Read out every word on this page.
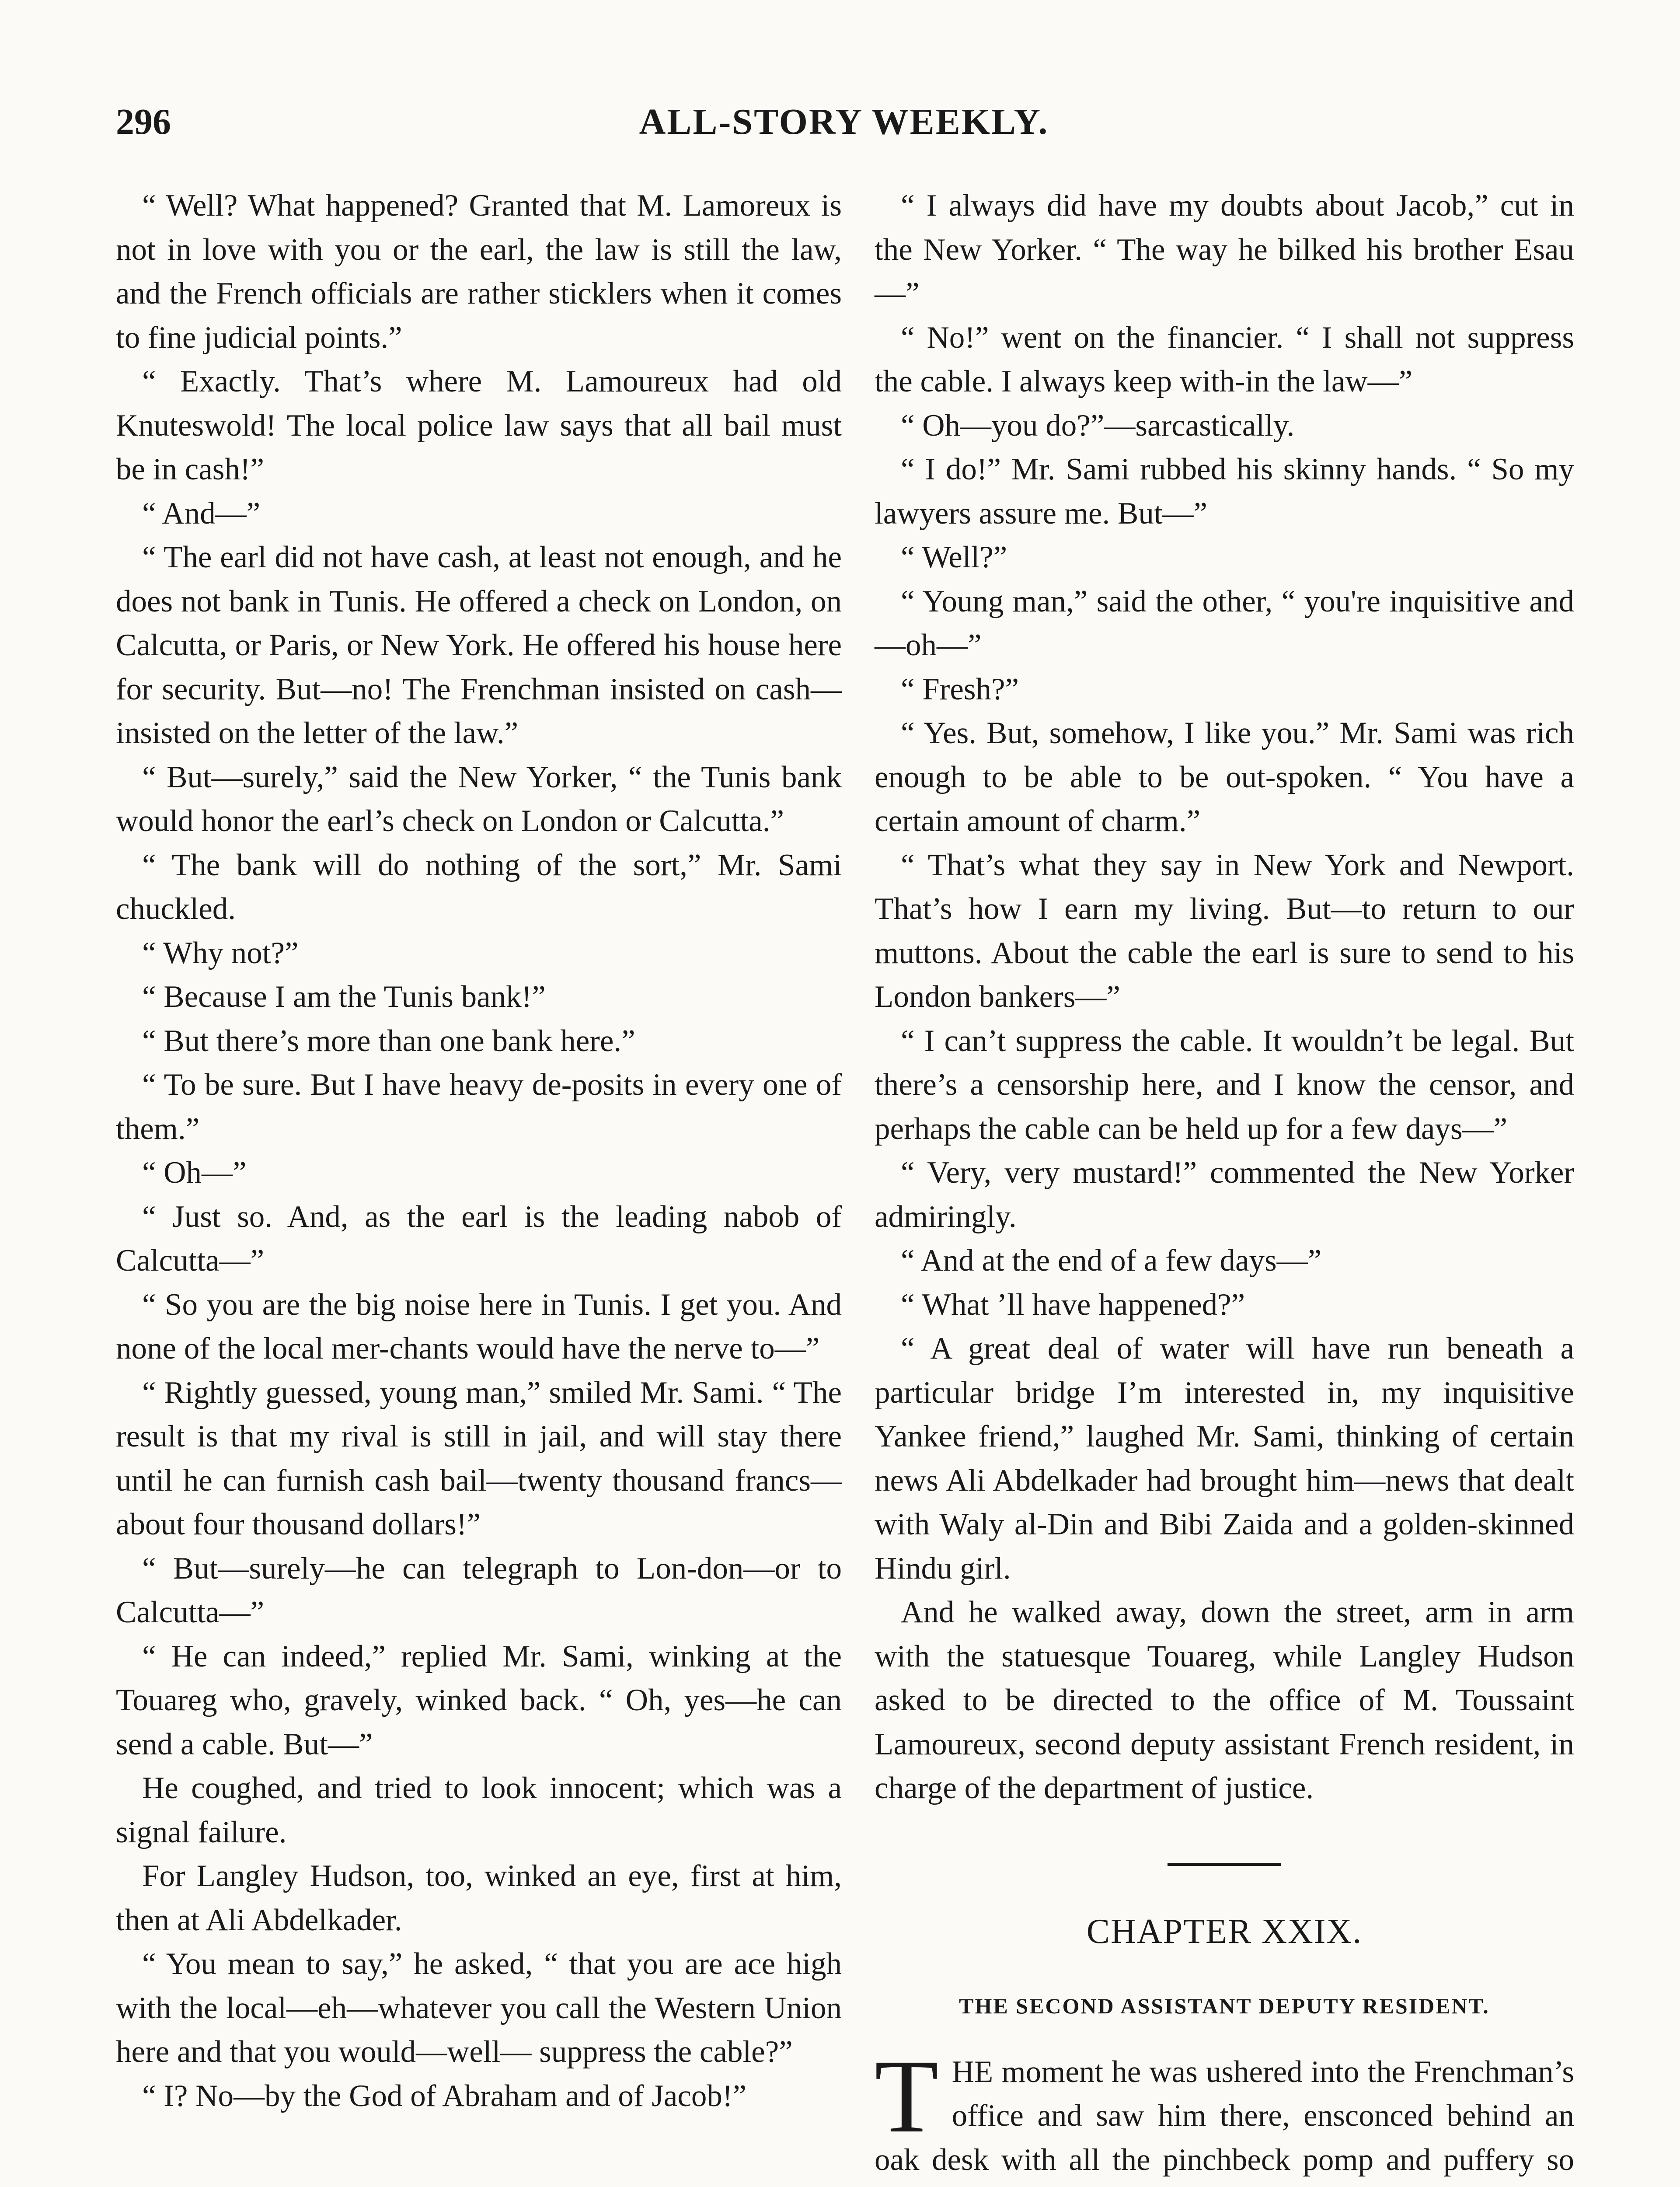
296	ALL-STORY WEEKLY.

“ Well? What happened? Granted that M. Lamoreux is not in love with you or the earl, the law is still the law, and the French officials are rather sticklers when it comes to fine judicial points.”

“ Exactly. That’s where M. Lamoureux had old Knuteswold! The local police law says that all bail must be in cash!”

“ And—”

“ The earl did not have cash, at least not enough, and he does not bank in Tunis. He offered a check on London, on Calcutta, or Paris, or New York. He offered his house here for security. But—no! The Frenchman insisted on cash—insisted on the letter of the law.”

“ But—surely,” said the New Yorker, “ the Tunis bank would honor the earl’s check on London or Calcutta.”

“ The bank will do nothing of the sort,” Mr. Sami chuckled.

“ Why not?”

“ Because I am the Tunis bank!”

“ But there’s more than one bank here.”

“ To be sure. But I have heavy de-posits in every one of them.”

“ Oh—”

“ Just so. And, as the earl is the leading nabob of Calcutta—”

“ So you are the big noise here in Tunis. I get you. And none of the local mer-chants would have the nerve to—”

“ Rightly guessed, young man,” smiled Mr. Sami. “ The result is that my rival is still in jail, and will stay there until he can furnish cash bail—twenty thousand francs—about four thousand dollars!”

“ But—surely—he can telegraph to Lon-don—or to Calcutta—”

“ He can indeed,” replied Mr. Sami, winking at the Touareg who, gravely, winked back. “ Oh, yes—he can send a cable. But—”

He coughed, and tried to look innocent; which was a signal failure.

For Langley Hudson, too, winked an eye, first at him, then at Ali Abdelkader.

“ You mean to say,” he asked, “ that you are ace high with the local—eh—whatever you call the Western Union here and that you would—well— suppress the cable?”

“ I? No—by the God of Abraham and of Jacob!”

“ I always did have my doubts about Jacob,” cut in the New Yorker. “ The way he bilked his brother Esau—”

“ No!” went on the financier. “ I shall not suppress the cable. I always keep with-in the law—”

“ Oh—you do?”—sarcastically.

“ I do!” Mr. Sami rubbed his skinny hands. “ So my lawyers assure me. But—”

“ Well?”

“ Young man,” said the other, “ you're inquisitive and—oh—”

“ Fresh?”

“ Yes. But, somehow, I like you.” Mr. Sami was rich enough to be able to be out-spoken. “ You have a certain amount of charm.”

“ That’s what they say in New York and Newport. That’s how I earn my living. But—to return to our muttons. About the cable the earl is sure to send to his London bankers—”

“ I can’t suppress the cable. It wouldn’t be legal. But there’s a censorship here, and I know the censor, and perhaps the cable can be held up for a few days—”

“ Very, very mustard!” commented the New Yorker admiringly.

“ And at the end of a few days—”

“ What ’ll have happened?”

“ A great deal of water will have run beneath a particular bridge I’m interested in, my inquisitive Yankee friend,” laughed Mr. Sami, thinking of certain news Ali Abdelkader had brought him—news that dealt with Waly al-Din and Bibi Zaida and a golden-skinned Hindu girl.

And he walked away, down the street, arm in arm with the statuesque Touareg, while Langley Hudson asked to be directed to the office of M. Toussaint Lamoureux, second deputy assistant French resident, in charge of the department of justice.

CHAPTER XXIX.
THE SECOND ASSISTANT DEPUTY RESIDENT.
T HE moment he was ushered into the Frenchman’s office and saw him there, ensconced behind an oak desk with all the pinchbeck pomp and puffery so
